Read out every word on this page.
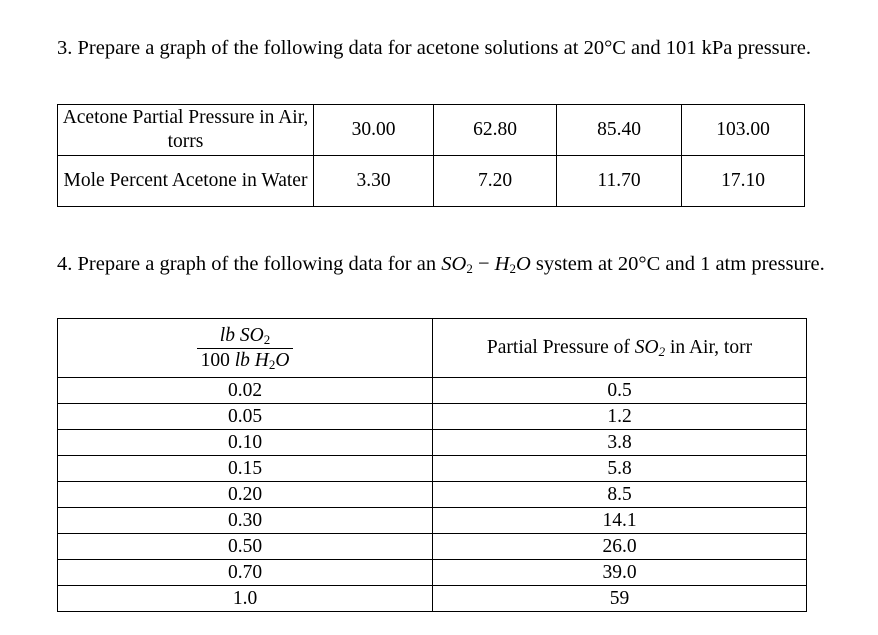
3. Prepare a graph of the following data for acetone solutions at 20°C and 101 kPa pressure.

Acetone Partial Pressure in Air, torrs	30.00	62.80	85.40	103.00
Mole Percent Acetone in Water	3.30	7.20	11.70	17.10

4. Prepare a graph of the following data for an $SO_2 - H_2O$ system at 20°C and 1 atm pressure.

$\frac{lb SO_2}{100 lb H_2O}$	Partial Pressure of $SO_2$ in Air, torr
0.02	0.5
0.05	1.2
0.10	3.8
0.15	5.8
0.20	8.5
0.30	14.1
0.50	26.0
0.70	39.0
1.0	59
